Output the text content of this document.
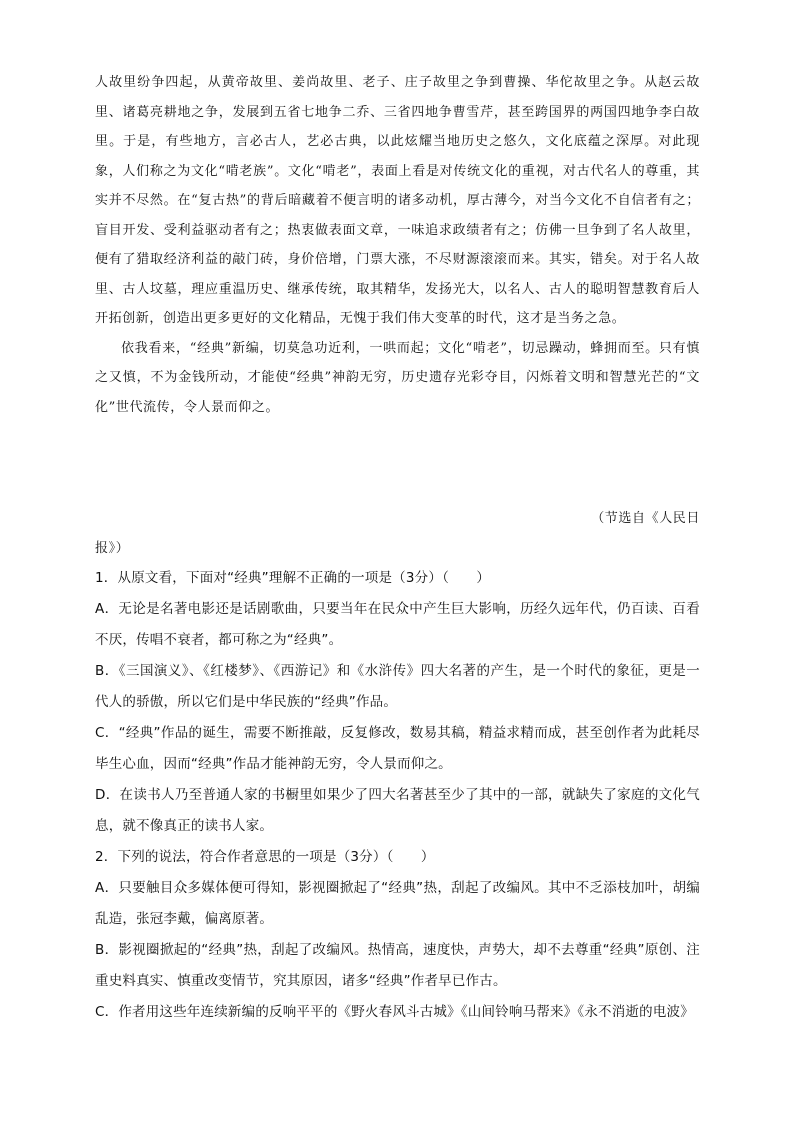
人故里纷争四起，从黄帝故里、姜尚故里、老子、庄子故里之争到曹操、华佗故里之争。从赵云故里、诸葛亮耕地之争，发展到五省七地争二乔、三省四地争曹雪芹，甚至跨国界的两国四地争李白故里。于是，有些地方，言必古人，艺必古典，以此炫耀当地历史之悠久，文化底蕴之深厚。对此现象，人们称之为文化“啃老族”。文化“啃老”，表面上看是对传统文化的重视，对古代名人的尊重，其实并不尽然。在“复古热”的背后暗藏着不便言明的诸多动机，厚古薄今，对当今文化不自信者有之；盲目开发、受利益驱动者有之；热衷做表面文章，一味追求政绩者有之；仿佛一旦争到了名人故里，便有了猎取经济利益的敲门砖，身价倍增，门票大涨，不尽财源滚滚而来。其实，错矣。对于名人故里、古人坟墓，理应重温历史、继承传统，取其精华，发扬光大，以名人、古人的聪明智慧教育后人开拓创新，创造出更多更好的文化精品，无愧于我们伟大变革的时代，这才是当务之急。

依我看来，“经典”新编，切莫急功近利，一哄而起；文化“啃老”，切忌躁动，蜂拥而至。只有慎之又慎，不为金钱所动，才能使“经典”神韵无穷，历史遗存光彩夺目，闪烁着文明和智慧光芒的“文化”世代流传，令人景而仰之。

（节选自《人民日
报》）

1．从原文看，下面对“经典”理解不正确的一项是（3分）（　　）

A．无论是名著电影还是话剧歌曲，只要当年在民众中产生巨大影响，历经久远年代，仍百读、百看不厌，传唱不衰者，都可称之为“经典”。

B．《三国演义》、《红楼梦》、《西游记》和《水浒传》四大名著的产生，是一个时代的象征，更是一代人的骄傲，所以它们是中华民族的“经典”作品。

C．“经典”作品的诞生，需要不断推敲，反复修改，数易其稿，精益求精而成，甚至创作者为此耗尽毕生心血，因而“经典”作品才能神韵无穷，令人景而仰之。

D．在读书人乃至普通人家的书橱里如果少了四大名著甚至少了其中的一部，就缺失了家庭的文化气息，就不像真正的读书人家。

2．下列的说法，符合作者意思的一项是（3分）（　　）

A．只要触目众多媒体便可得知，影视圈掀起了“经典”热，刮起了改编风。其中不乏添枝加叶，胡编乱造，张冠李戴，偏离原著。

B．影视圈掀起的“经典”热，刮起了改编风。热情高，速度快，声势大，却不去尊重“经典”原创、注重史料真实、慎重改变情节，究其原因，诸多“经典”作者早已作古。

C．作者用这些年连续新编的反响平平的《野火春风斗古城》《山间铃响马帮来》《永不消逝的电波》
